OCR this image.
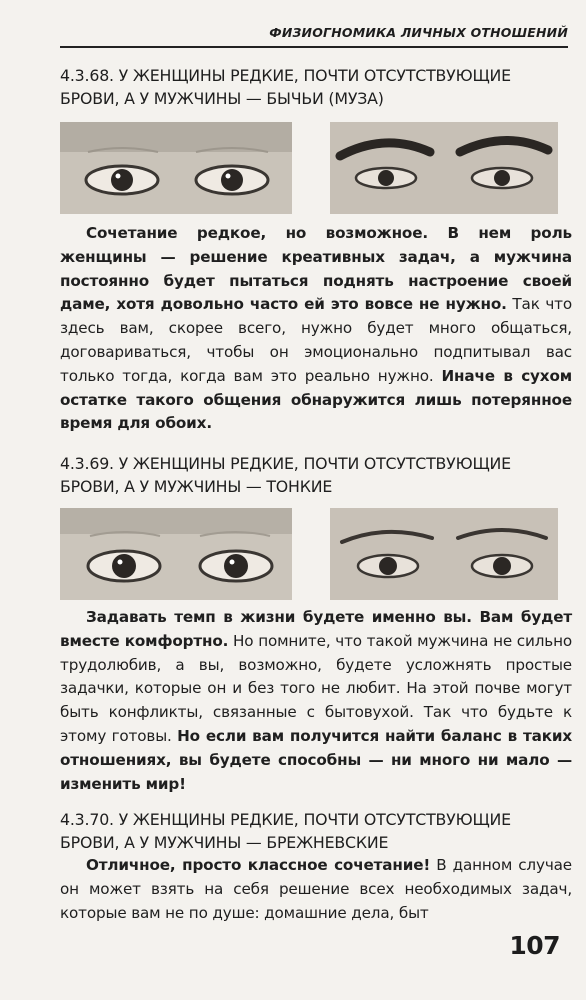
ФИЗИОГНОМИКА ЛИЧНЫХ ОТНОШЕНИЙ
4.3.68. У ЖЕНЩИНЫ РЕДКИЕ, ПОЧТИ ОТСУТСТВУЮЩИЕ БРОВИ, А У МУЖЧИНЫ — БЫЧЬИ (МУЗА)
Сочетание редкое, но возможное. В нем роль женщины — решение креативных задач, а мужчина постоянно будет пытаться поднять настроение своей даме, хотя довольно часто ей это вовсе не нужно. Так что здесь вам, скорее всего, нужно будет много общаться, договариваться, чтобы он эмоционально подпитывал вас только тогда, когда вам это реально нужно. Иначе в сухом остатке такого общения обнаружится лишь потерянное время для обоих.
4.3.69. У ЖЕНЩИНЫ РЕДКИЕ, ПОЧТИ ОТСУТСТВУЮЩИЕ БРОВИ, А У МУЖЧИНЫ — ТОНКИЕ
Задавать темп в жизни будете именно вы. Вам будет вместе комфортно. Но помните, что такой мужчина не сильно трудолюбив, а вы, возможно, будете усложнять простые задачки, которые он и без того не любит. На этой почве могут быть конфликты, связанные с бытовухой. Так что будьте к этому готовы. Но если вам получится найти баланс в таких отношениях, вы будете способны — ни много ни мало — изменить мир!
4.3.70. У ЖЕНЩИНЫ РЕДКИЕ, ПОЧТИ ОТСУТСТВУЮЩИЕ БРОВИ, А У МУЖЧИНЫ — БРЕЖНЕВСКИЕ
Отличное, просто классное сочетание! В данном случае он может взять на себя решение всех необходимых задач, которые вам не по душе: домашние дела, быт
107
